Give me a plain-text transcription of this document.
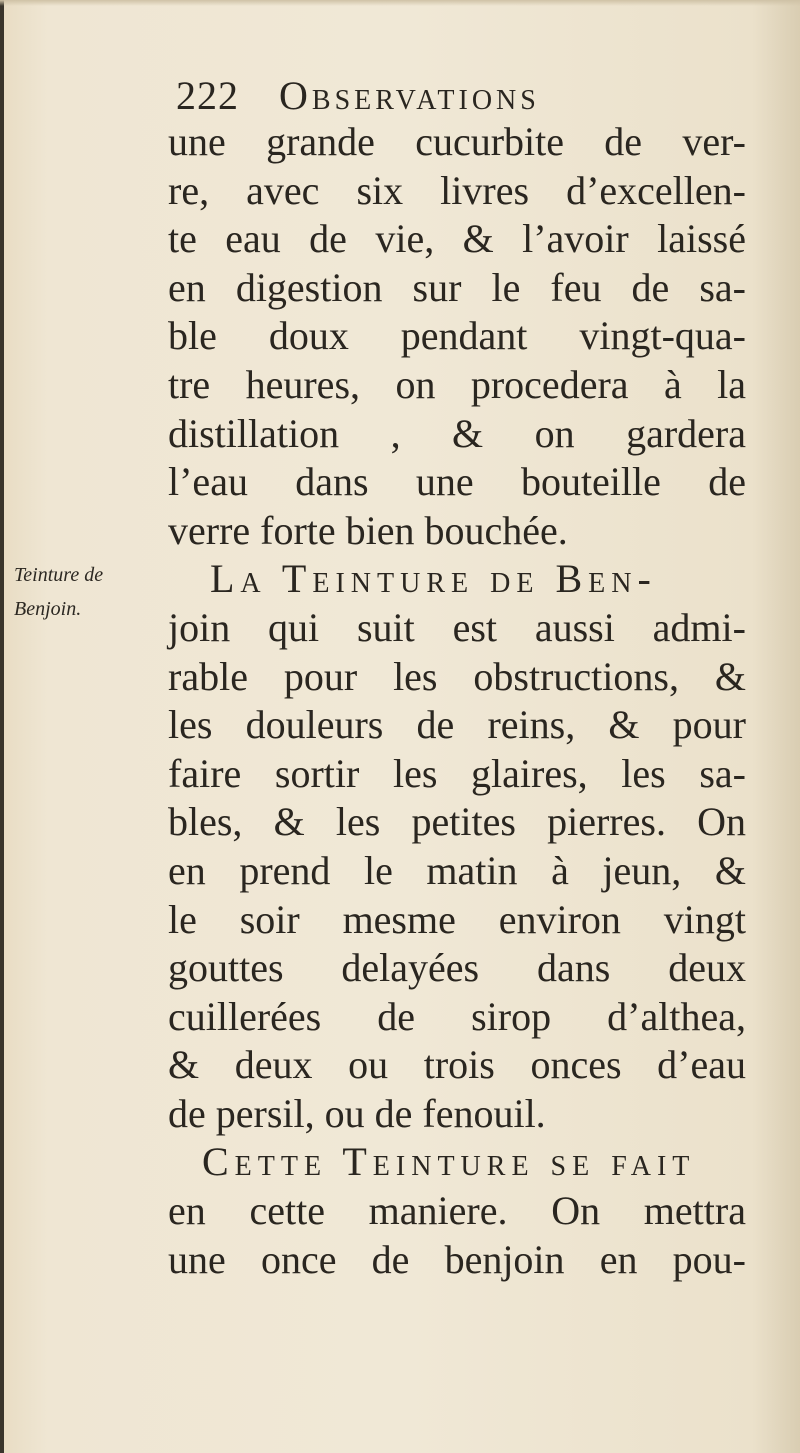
222 Observations
Teinture de
Benjoin.
une grande cucurbite de ver-
re, avec six livres d’excellen-
te eau de vie, & l’avoir laissé
en digestion sur le feu de sa-
ble doux pendant vingt-qua-
tre heures, on procedera à la
distillation , & on gardera
l’eau dans une bouteille de
verre forte bien bouchée.
La Teinture de Ben-
join qui suit est aussi admi-
rable pour les obstructions, &
les douleurs de reins, & pour
faire sortir les glaires, les sa-
bles, & les petites pierres. On
en prend le matin à jeun, &
le soir mesme environ vingt
gouttes delayées dans deux
cuillerées de sirop d’althea,
& deux ou trois onces d’eau
de persil, ou de fenouil.
Cette Teinture se fait
en cette maniere. On mettra
une once de benjoin en pou-
